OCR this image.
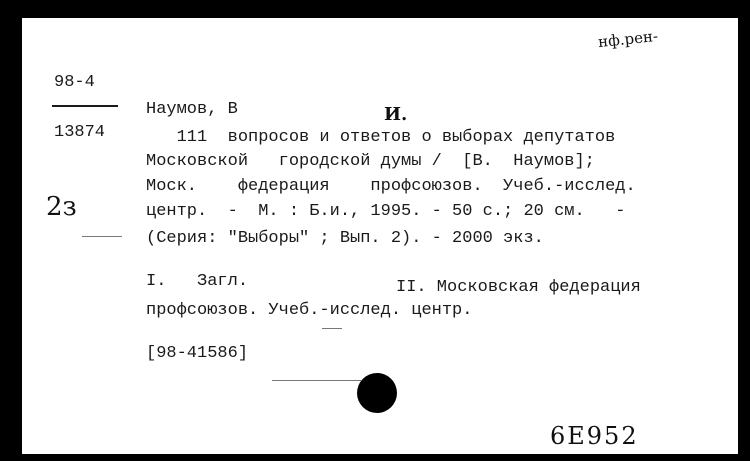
нф.рен-
98-4
13874
2з
И.
Наумов, В
111  вопросов и ответов о выборах депутатов
Московской   городской думы /  [В.  Наумов];
Моск.    федерация    профсоюзов.  Учеб.-исслед.
центр.  -  М. : Б.и., 1995. - 50 с.; 20 см.   -
(Серия: "Выборы" ; Вып. 2). - 2000 экз.
I.   Загл.	II. Московская федерация
профсоюзов. Учеб.-исслед. центр.
[98-41586]
6E952
